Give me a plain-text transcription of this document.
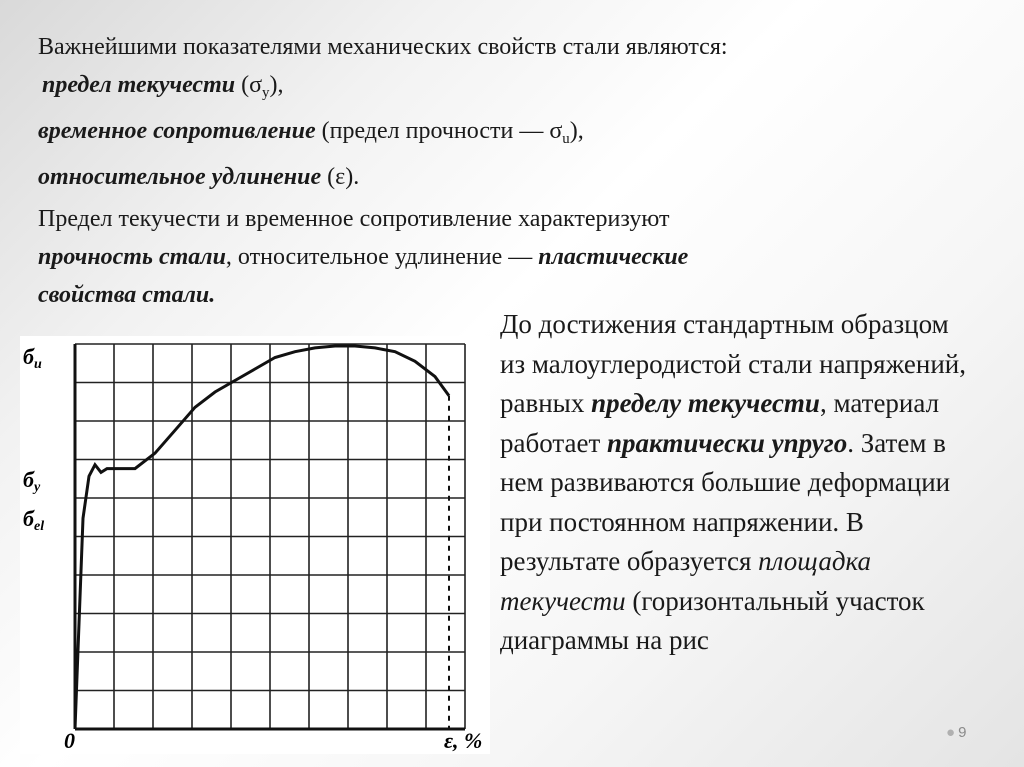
Важнейшими показателями механических свойств стали являются:
предел текучести $(\sigma_y)$,
временное сопротивление (предел прочности — $\sigma_u$),
относительное удлинение (ε).
Предел текучести и временное сопротивление характеризуют
прочность стали, относительное удлинение — пластические
свойства стали.
бu
бy
бel
0	ε, %
До достижения стандартным образцом из малоуглеродистой стали напряжений, равных пределу текучести, материал работает практически упруго. Затем в нем развиваются большие деформации при постоянном напряжении. В результате образуется площадка текучести (горизонтальный участок диаграммы на рис
● 9
